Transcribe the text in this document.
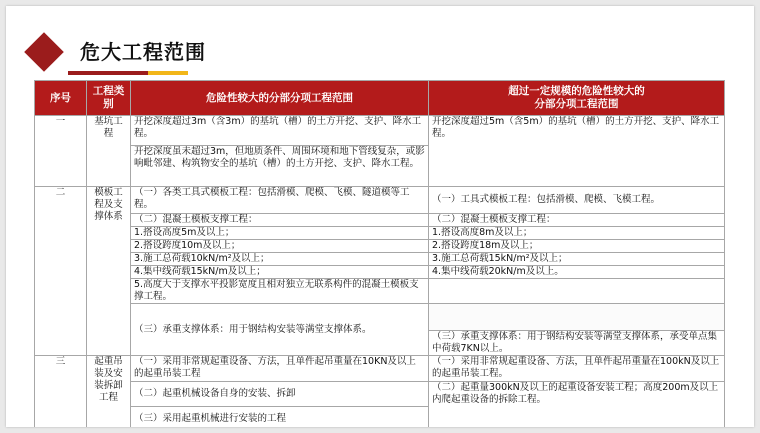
危大工程范围
序号	工程类别	危险性较大的分部分项工程范围	超过一定规模的危险性较大的
分部分项工程范围
一	基坑工程	开挖深度超过3m（含3m）的基坑（槽）的土方开挖、支护、降水工程。	开挖深度超过5m（含5m）的基坑（槽）的土方开挖、支护、降水工程。
		开挖深度虽未超过3m，但地质条件、周围环境和地下管线复杂，或影响毗邻建、构筑物安全的基坑（槽）的土方开挖、支护、降水工程。	
二	模板工程及支撑体系	（一）各类工具式模板工程：包括滑模、爬模、飞模、隧道模等工程。	（一）工具式模板工程：包括滑模、爬模、飞模工程。
		（二）混凝土模板支撑工程：	（二）混凝土模板支撑工程：
		1.搭设高度5m及以上；	1.搭设高度8m及以上；
		2.搭设跨度10m及以上；	2.搭设跨度18m及以上；
		3.施工总荷载10kN/m²及以上；	3.施工总荷载15kN/m²及以上；
		4.集中线荷载15kN/m及以上；	4.集中线荷载20kN/m及以上。
		5.高度大于支撑水平投影宽度且相对独立无联系构件的混凝土模板支撑工程。	
		（三）承重支撑体系：用于钢结构安装等满堂支撑体系。	
			（三）承重支撑体系：用于钢结构安装等满堂支撑体系，承受单点集中荷载7KN以上。
三	起重吊装及安装拆卸工程	（一）采用非常规起重设备、方法，且单件起吊重量在10KN及以上的起重吊装工程	（一）采用非常规起重设备、方法，且单件起吊重量在100kN及以上的起重吊装工程。
		（二）起重机械设备自身的安装、拆卸	（二）起重量300kN及以上的起重设备安装工程；高度200m及以上内爬起重设备的拆除工程。
		（三）采用起重机械进行安装的工程	
